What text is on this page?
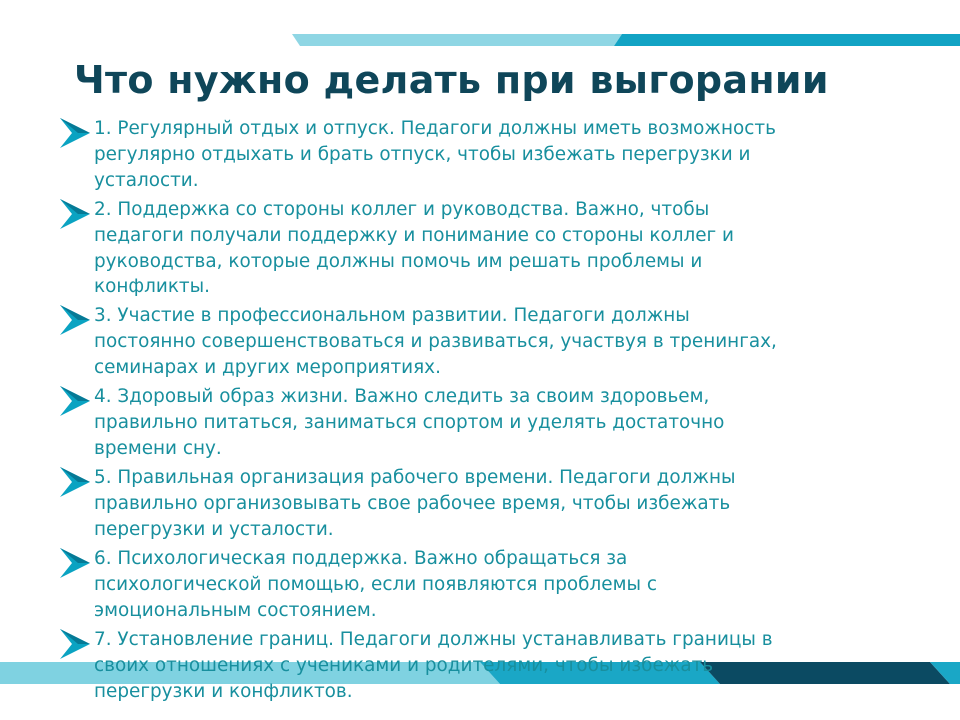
Что нужно делать при выгорании

1. Регулярный отдых и отпуск. Педагоги должны иметь возможность
регулярно отдыхать и брать отпуск, чтобы избежать перегрузки и
усталости.

2. Поддержка со стороны коллег и руководства. Важно, чтобы
педагоги получали поддержку и понимание со стороны коллег и
руководства, которые должны помочь им решать проблемы и
конфликты.

3. Участие в профессиональном развитии. Педагоги должны
постоянно совершенствоваться и развиваться, участвуя в тренингах,
семинарах и других мероприятиях.

4. Здоровый образ жизни. Важно следить за своим здоровьем,
правильно питаться, заниматься спортом и уделять достаточно
времени сну.

5. Правильная организация рабочего времени. Педагоги должны
правильно организовывать свое рабочее время, чтобы избежать
перегрузки и усталости.

6. Психологическая поддержка. Важно обращаться за
психологической помощью, если появляются проблемы с
эмоциональным состоянием.

7. Установление границ. Педагоги должны устанавливать границы в
своих отношениях с учениками и родителями, чтобы избежать
перегрузки и конфликтов.
